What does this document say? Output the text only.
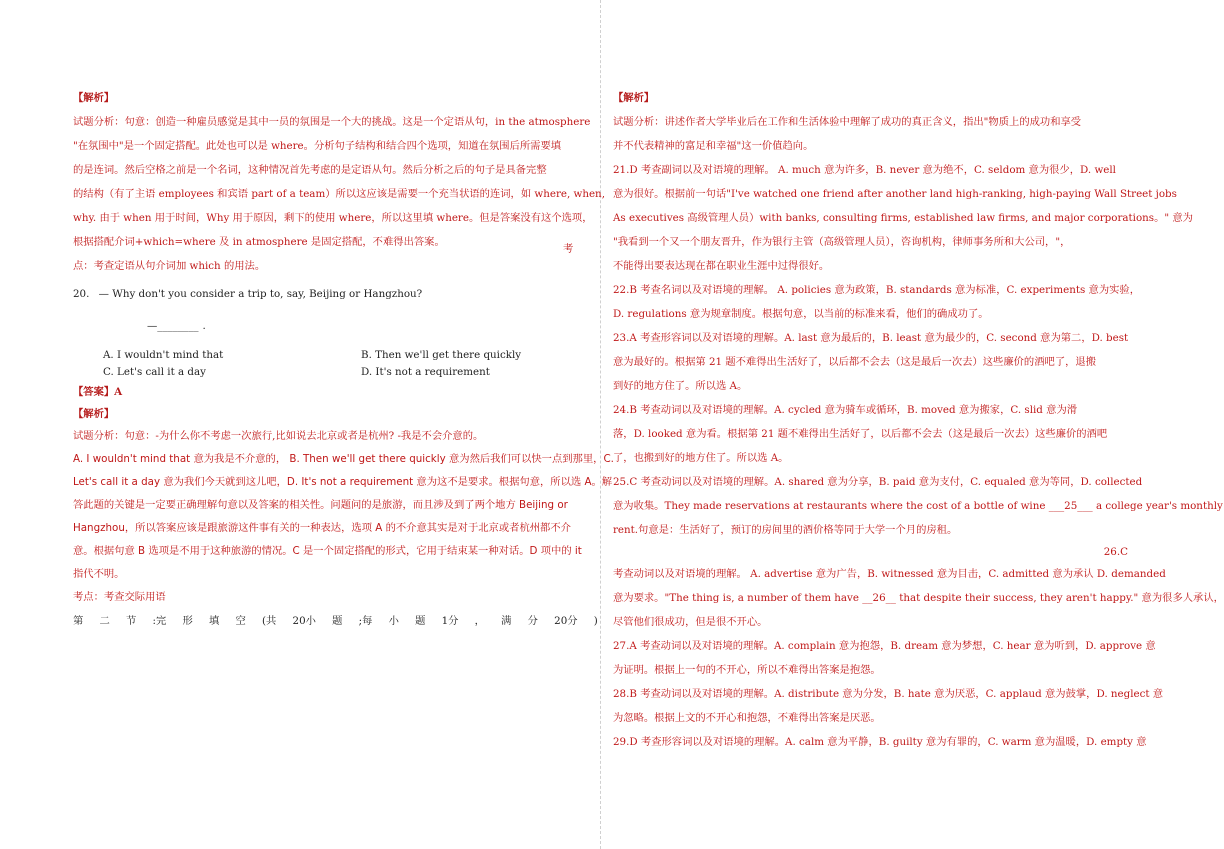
【解析】

试题分析：句意：创造一种雇员感觉是其中一员的氛围是一个大的挑战。这是一个定语从句，in the atmosphere

"在氛围中"是一个固定搭配。此处也可以是 where。分析句子结构和结合四个选项，知道在氛围后所需要填

的是连词。然后空格之前是一个名词，这种情况首先考虑的是定语从句。然后分析之后的句子是具备完整

的结构（有了主语 employees 和宾语 part of a team）所以这应该是需要一个充当状语的连词，如 where, when,

why. 由于 when 用于时间，Why 用于原因，剩下的使用 where，所以这里填 where。但是答案没有这个选项，

根据搭配介词+which=where 及 in atmosphere 是固定搭配，不难得出答案。

点：考查定语从句介词加 which 的用法。

20. — Why don't you consider a trip to, say, Beijing or Hangzhou?

—________ .

A. I wouldn't mind that	B. Then we'll get there quickly
C. Let's call it a day	D. It's not a requirement

【答案】A

【解析】

试题分析：句意：-为什么你不考虑一次旅行,比如说去北京或者是杭州? -我是不会介意的。

A. I wouldn't mind that 意为我是不介意的， B. Then we'll get there quickly 意为然后我们可以快一点到那里，C.

Let's call it a day 意为我们今天就到这儿吧，D. It's not a requirement 意为这不是要求。根据句意，所以选 A。解

答此题的关键是一定要正确理解句意以及答案的相关性。问题问的是旅游，而且涉及到了两个地方 Beijing or

Hangzhou，所以答案应该是跟旅游这件事有关的一种表达，选项 A 的不介意其实是对于北京或者杭州都不介

意。根据句意 B 选项是不用于这种旅游的情况。C 是一个固定搭配的形式，它用于结束某一种对话。D 项中的 it

指代不明。

考点：考查交际用语

第 二 节 :完 形 填 空 (共 20小 题 ;每 小 题 1分 ， 满 分 20分 )
考

【解析】

试题分析：讲述作者大学毕业后在工作和生活体验中理解了成功的真正含义，指出"物质上的成功和享受

并不代表精神的富足和幸福"这一价值趋向。

21.D 考查副词以及对语境的理解。 A. much 意为许多，B. never 意为绝不，C. seldom 意为很少，D. well

意为很好。根据前一句话"I've watched one friend after another land high-ranking, high-paying Wall Street jobs

As executives 高级管理人员）with banks, consulting firms, established law firms, and major corporations。" 意为

"我看到一个又一个朋友晋升，作为银行主管（高级管理人员），咨询机构，律师事务所和大公司，"，

不能得出要表达现在都在职业生涯中过得很好。

22.B 考查名词以及对语境的理解。 A. policies 意为政策，B. standards 意为标准，C. experiments 意为实验，

D. regulations 意为规章制度。根据句意，以当前的标准来看，他们的确成功了。

23.A 考查形容词以及对语境的理解。A. last 意为最后的，B. least 意为最少的，C. second 意为第二，D. best

意为最好的。根据第 21 题不难得出生活好了，以后都不会去（这是最后一次去）这些廉价的酒吧了，退搬

到好的地方住了。所以选 A。

24.B 考查动词以及对语境的理解。A. cycled 意为骑车或循环，B. moved 意为搬家，C. slid 意为滑

落，D. looked 意为看。根据第 21 题不难得出生活好了，以后都不会去（这是最后一次去）这些廉价的酒吧

了，也搬到好的地方住了。所以选 A。

25.C 考查动词以及对语境的理解。A. shared 意为分享，B. paid 意为支付，C. equaled 意为等同，D. collected

意为收集。They made reservations at restaurants where the cost of a bottle of wine ___25___ a college year's monthly

rent.句意是：生活好了，预订的房间里的酒价格等同于大学一个月的房租。

26.C

考查动词以及对语境的理解。 A. advertise 意为广告，B. witnessed 意为目击，C. admitted 意为承认 D. demanded

意为要求。"The thing is, a number of them have __26__ that despite their success, they aren't happy." 意为很多人承认，

尽管他们很成功，但是很不开心。

27.A 考查动词以及对语境的理解。A. complain 意为抱怨，B. dream 意为梦想，C. hear 意为听到，D. approve 意

为证明。根据上一句的不开心，所以不难得出答案是抱怨。

28.B 考查动词以及对语境的理解。A. distribute 意为分发，B. hate 意为厌恶，C. applaud 意为鼓掌，D. neglect 意

为忽略。根据上文的不开心和抱怨，不难得出答案是厌恶。

29.D 考查形容词以及对语境的理解。A. calm 意为平静，B. guilty 意为有罪的，C. warm 意为温暖，D. empty 意
